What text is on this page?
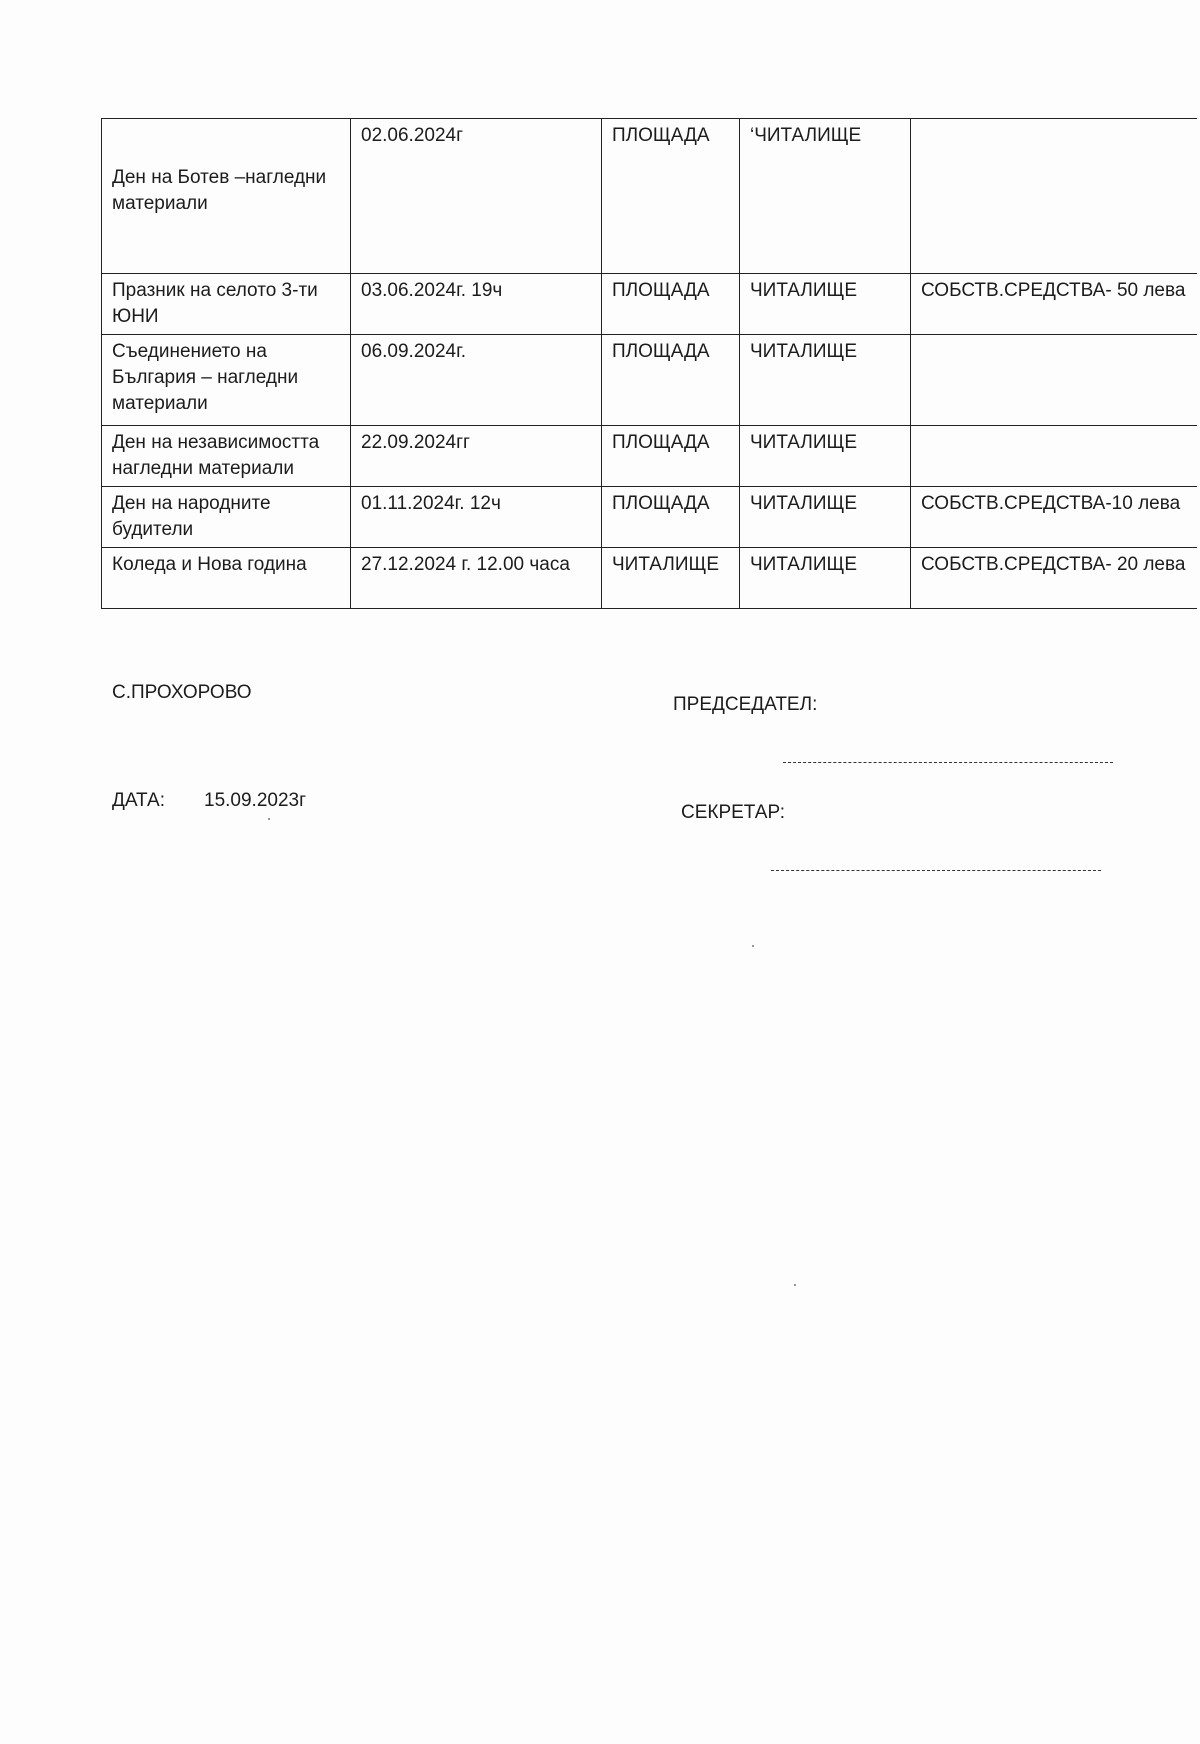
Ден на Ботев –нагледни материали	02.06.2024г	ПЛОЩАДА	‘ЧИТАЛИЩЕ	
Празник на селото 3-ти ЮНИ	03.06.2024г. 19ч	ПЛОЩАДА	ЧИТАЛИЩЕ	СОБСТВ.СРЕДСТВА- 50 лева
Съединението на България – нагледни материали	06.09.2024г.	ПЛОЩАДА	ЧИТАЛИЩЕ	
Ден на независимостта нагледни материали	22.09.2024гг	ПЛОЩАДА	ЧИТАЛИЩЕ	
Ден на народните будители	01.11.2024г. 12ч	ПЛОЩАДА	ЧИТАЛИЩЕ	СОБСТВ.СРЕДСТВА-10 лева
Коледа и Нова година	27.12.2024 г. 12.00 часа	ЧИТАЛИЩЕ	ЧИТАЛИЩЕ	СОБСТВ.СРЕДСТВА- 20 лева
С.ПРОХОРОВО
ДАТА: 15.09.2023г
ПРЕДСЕДАТЕЛ:
СЕКРЕТАР:
